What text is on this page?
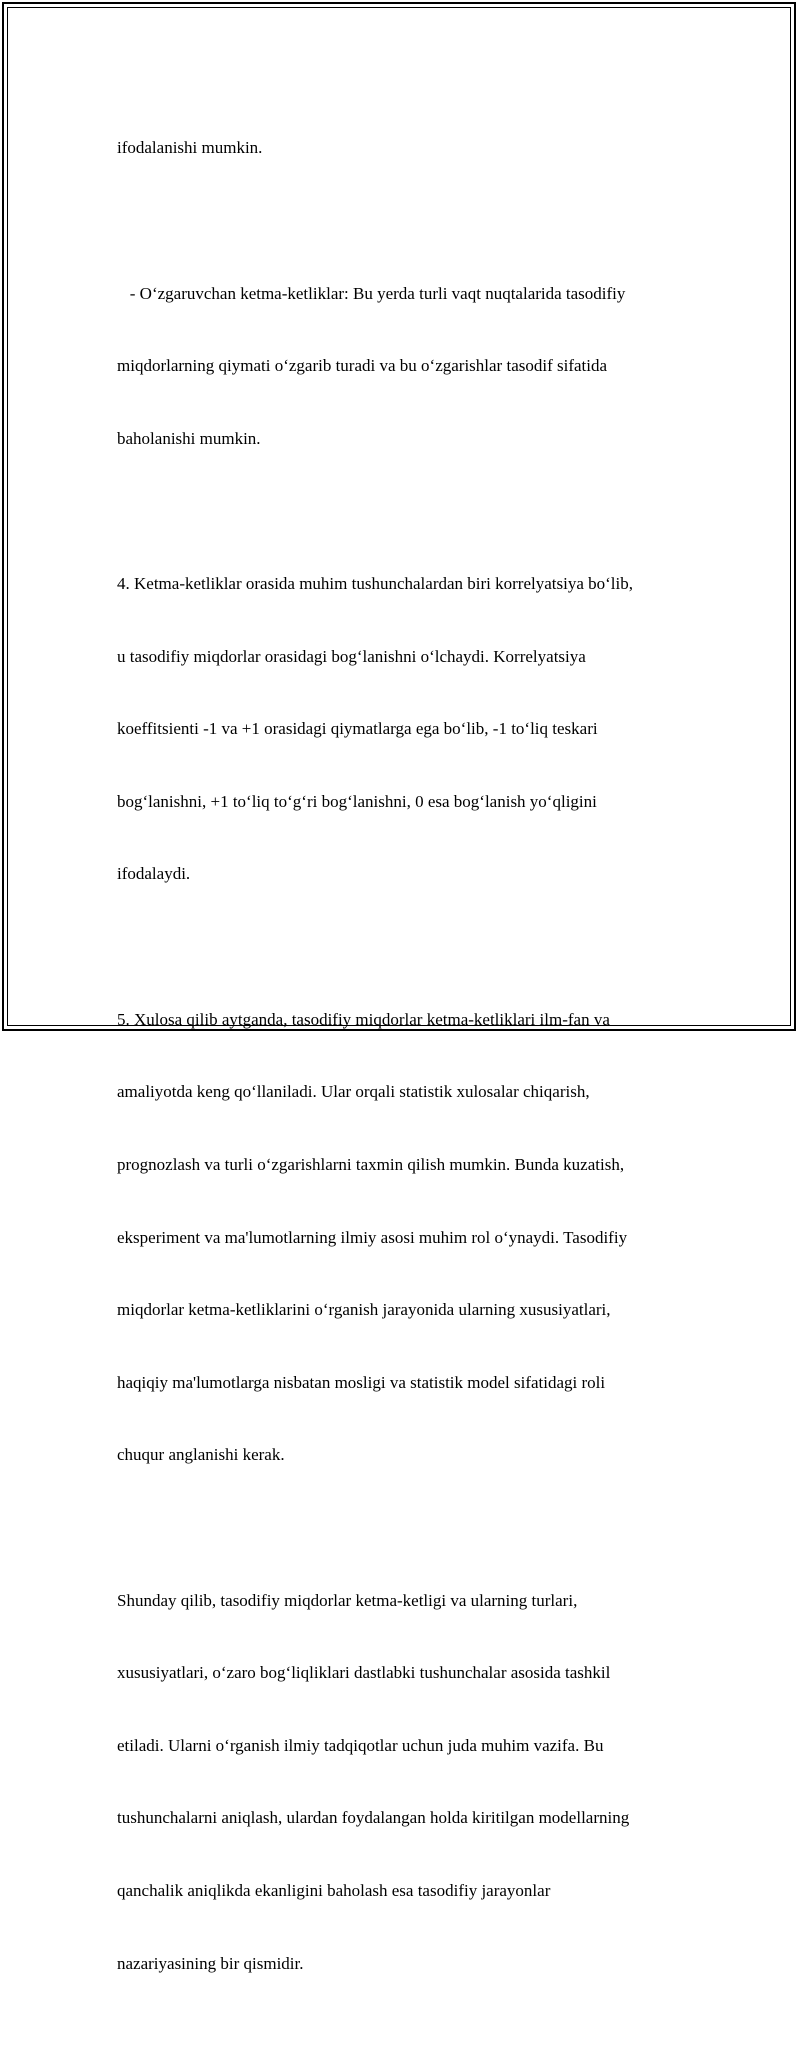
ifodalanishi mumkin.

- O‘zgaruvchan ketma-ketliklar: Bu yerda turli vaqt nuqtalarida tasodifiy

miqdorlarning qiymati o‘zgarib turadi va bu o‘zgarishlar tasodif sifatida

baholanishi mumkin.

4. Ketma-ketliklar orasida muhim tushunchalardan biri korrelyatsiya bo‘lib,

u tasodifiy miqdorlar orasidagi bog‘lanishni o‘lchaydi. Korrelyatsiya

koeffitsienti -1 va +1 orasidagi qiymatlarga ega bo‘lib, -1 to‘liq teskari

bog‘lanishni, +1 to‘liq to‘g‘ri bog‘lanishni, 0 esa bog‘lanish yo‘qligini

ifodalaydi.

5. Xulosa qilib aytganda, tasodifiy miqdorlar ketma-ketliklari ilm-fan va

amaliyotda keng qo‘llaniladi. Ular orqali statistik xulosalar chiqarish,

prognozlash va turli o‘zgarishlarni taxmin qilish mumkin. Bunda kuzatish,

eksperiment va ma'lumotlarning ilmiy asosi muhim rol o‘ynaydi. Tasodifiy

miqdorlar ketma-ketliklarini o‘rganish jarayonida ularning xususiyatlari,

haqiqiy ma'lumotlarga nisbatan mosligi va statistik model sifatidagi roli

chuqur anglanishi kerak.

Shunday qilib, tasodifiy miqdorlar ketma-ketligi va ularning turlari,

xususiyatlari, o‘zaro bog‘liqliklari dastlabki tushunchalar asosida tashkil

etiladi. Ularni o‘rganish ilmiy tadqiqotlar uchun juda muhim vazifa. Bu

tushunchalarni aniqlash, ulardan foydalangan holda kiritilgan modellarning

qanchalik aniqlikda ekanligini baholash esa tasodifiy jarayonlar

nazariyasining bir qismidir.
